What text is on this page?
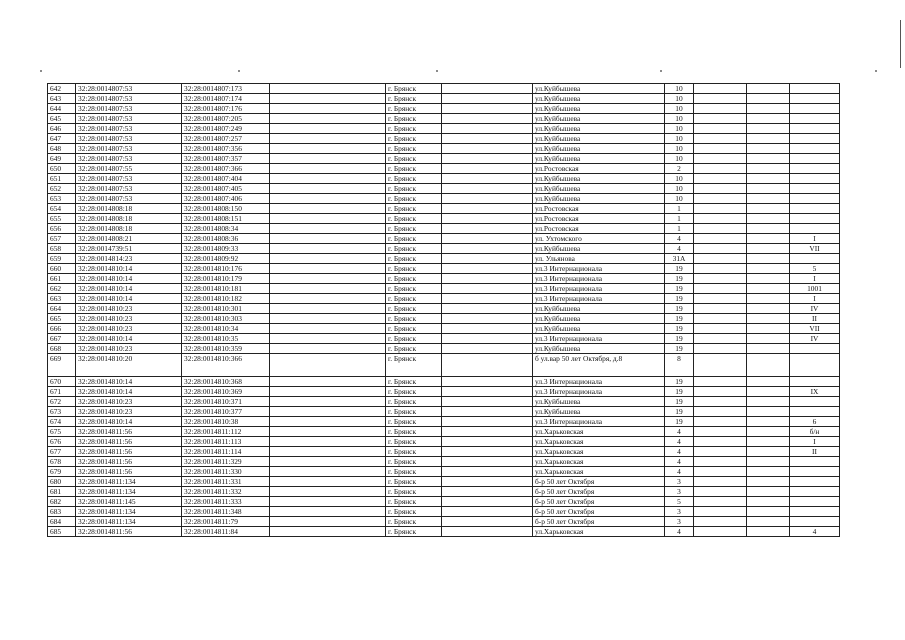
642	32:28:0014807:53	32:28:0014807:173		г. Брянск		ул.Куйбышева	10			
643	32:28:0014807:53	32:28:0014807:174		г. Брянск		ул.Куйбышева	10			
644	32:28:0014807:53	32:28:0014807:176		г. Брянск		ул.Куйбышева	10			
645	32:28:0014807:53	32:28:0014807:205		г. Брянск		ул.Куйбышева	10			
646	32:28:0014807:53	32:28:0014807:249		г. Брянск		ул.Куйбышева	10			
647	32:28:0014807:53	32:28:0014807:257		г. Брянск		ул.Куйбышева	10			
648	32:28:0014807:53	32:28:0014807:356		г. Брянск		ул.Куйбышева	10			
649	32:28:0014807:53	32:28:0014807:357		г. Брянск		ул.Куйбышева	10			
650	32:28:0014807:55	32:28:0014807:366		г. Брянск		ул.Ростовская	2			
651	32:28:0014807:53	32:28:0014807:404		г. Брянск		ул.Куйбышева	10			
652	32:28:0014807:53	32:28:0014807:405		г. Брянск		ул.Куйбышева	10			
653	32:28:0014807:53	32:28:0014807:406		г. Брянск		ул.Куйбышева	10			
654	32:28:0014808:18	32:28:0014808:150		г. Брянск		ул.Ростовская	1			
655	32:28:0014808:18	32:28:0014808:151		г. Брянск		ул.Ростовская	1			
656	32:28:0014808:18	32:28:0014808:34		г. Брянск		ул.Ростовская	1			
657	32:28:0014808:21	32:28:0014808:36		г. Брянск		ул. Ухтомского	4			I
658	32:28:0014739:51	32:28:0014809:33		г. Брянск		ул.Куйбышева	4			VII
659	32:28:0014814:23	32:28:0014809:92		г. Брянск		ул. Ульянова	31А			
660	32:28:0014810:14	32:28:0014810:176		г. Брянск		ул.3 Интернационала	19			5
661	32:28:0014810:14	32:28:0014810:179		г. Брянск		ул.3 Интернационала	19			I
662	32:28:0014810:14	32:28:0014810:181		г. Брянск		ул.3 Интернационала	19			1001
663	32:28:0014810:14	32:28:0014810:182		г. Брянск		ул.3 Интернационала	19			I
664	32:28:0014810:23	32:28:0014810:301		г. Брянск		ул.Куйбышева	19			IV
665	32:28:0014810:23	32:28:0014810:303		г. Брянск		ул.Куйбышева	19			II
666	32:28:0014810:23	32:28:0014810:34		г. Брянск		ул.Куйбышева	19			VII
667	32:28:0014810:14	32:28:0014810:35		г. Брянск		ул.3 Интернационала	19			IV
668	32:28:0014810:23	32:28:0014810:359		г. Брянск		ул.Куйбышева	19			
669	32:28:0014810:20	32:28:0014810:366		г. Брянск		б ул.вар 50 лет Октября, д.8	8			
670	32:28:0014810:14	32:28:0014810:368		г. Брянск		ул.3 Интернационала	19			
671	32:28:0014810:14	32:28:0014810:369		г. Брянск		ул.3 Интернационала	19			IX
672	32:28:0014810:23	32:28:0014810:371		г. Брянск		ул.Куйбышева	19			
673	32:28:0014810:23	32:28:0014810:377		г. Брянск		ул.Куйбышева	19			
674	32:28:0014810:14	32:28:0014810:38		г. Брянск		ул.3 Интернационала	19			6
675	32:28:0014811:56	32:28:0014811:112		г. Брянск		ул.Харьковская	4			б/н
676	32:28:0014811:56	32:28:0014811:113		г. Брянск		ул.Харьковская	4			I
677	32:28:0014811:56	32:28:0014811:114		г. Брянск		ул.Харьковская	4			II
678	32:28:0014811:56	32:28:0014811:329		г. Брянск		ул.Харьковская	4			
679	32:28:0014811:56	32:28:0014811:330		г. Брянск		ул.Харьковская	4			
680	32:28:0014811:134	32:28:0014811:331		г. Брянск		б-р 50 лет Октября	3			
681	32:28:0014811:134	32:28:0014811:332		г. Брянск		б-р 50 лет Октября	3			
682	32:28:0014811:145	32:28:0014811:333		г. Брянск		б-р 50 лет Октября	5			
683	32:28:0014811:134	32:28:0014811:348		г. Брянск		б-р 50 лет Октября	3			
684	32:28:0014811:134	32:28:0014811:79		г. Брянск		б-р 50 лет Октября	3			
685	32:28:0014811:56	32:28:0014811:84		г. Брянск		ул.Харьковская	4			4
